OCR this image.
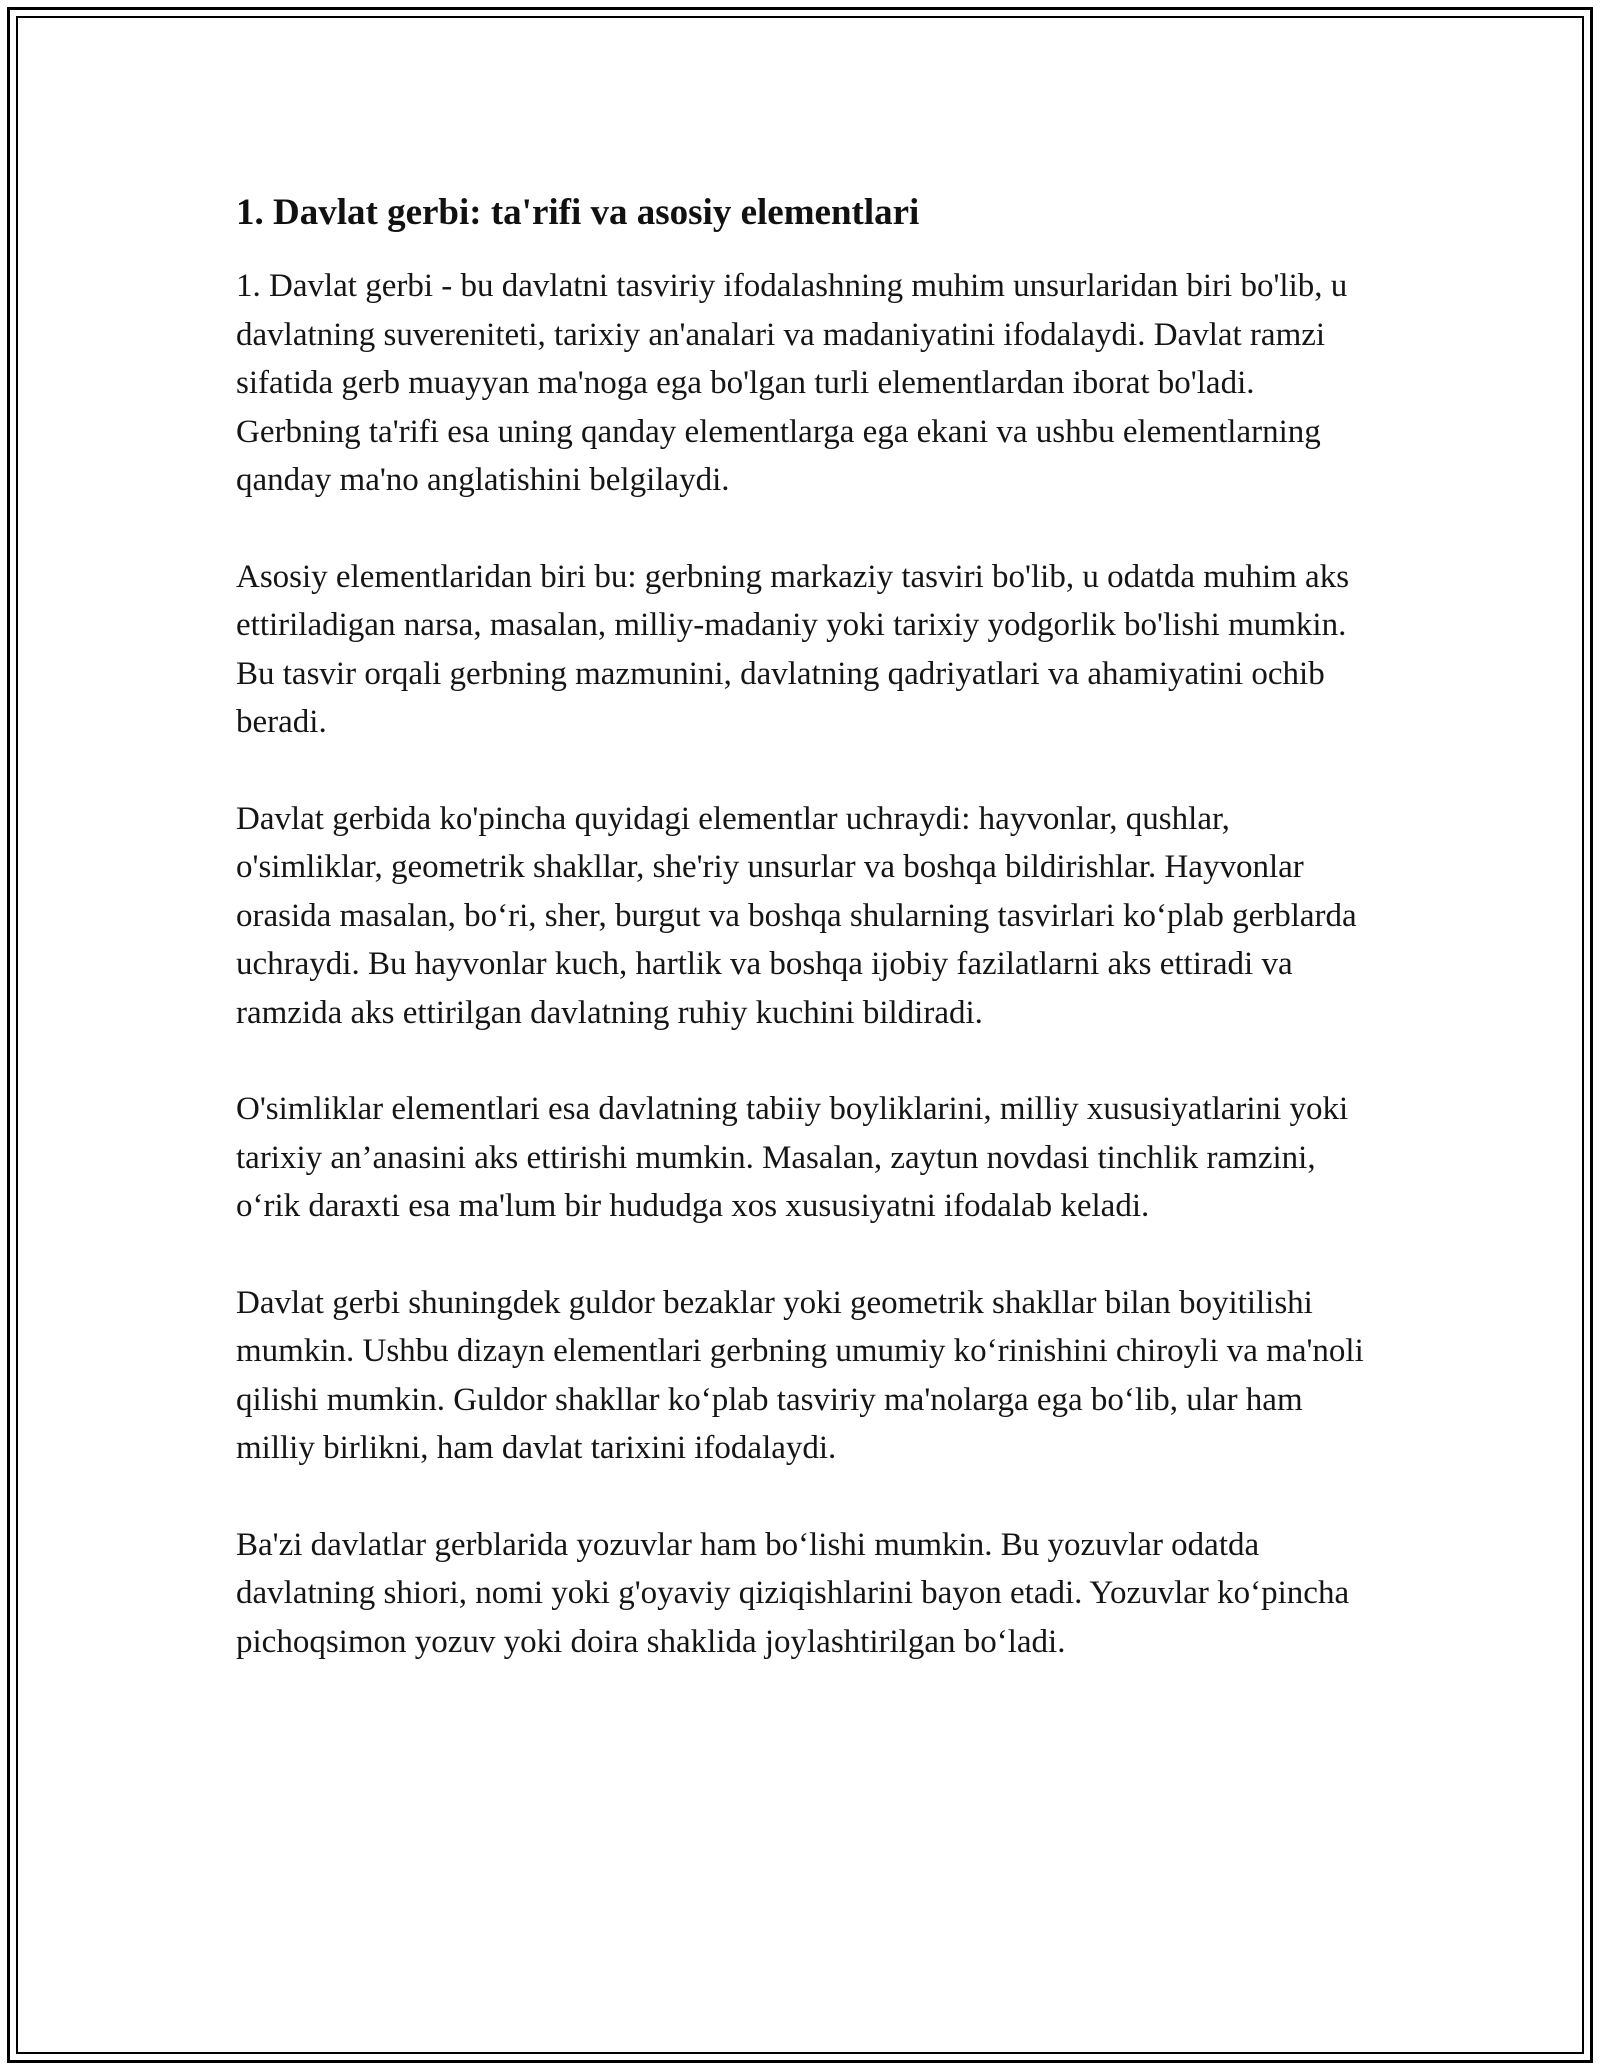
1. Davlat gerbi: ta'rifi va asosiy elementlari

1. Davlat gerbi - bu davlatni tasviriy ifodalashning muhim unsurlaridan biri bo'lib, u davlatning suvereniteti, tarixiy an'analari va madaniyatini ifodalaydi. Davlat ramzi sifatida gerb muayyan ma'noga ega bo'lgan turli elementlardan iborat bo'ladi. Gerbning ta'rifi esa uning qanday elementlarga ega ekani va ushbu elementlarning qanday ma'no anglatishini belgilaydi.

Asosiy elementlaridan biri bu: gerbning markaziy tasviri bo'lib, u odatda muhim aks ettiriladigan narsa, masalan, milliy-madaniy yoki tarixiy yodgorlik bo'lishi mumkin. Bu tasvir orqali gerbning mazmunini, davlatning qadriyatlari va ahamiyatini ochib beradi.

Davlat gerbida ko'pincha quyidagi elementlar uchraydi: hayvonlar, qushlar, o'simliklar, geometrik shakllar, she'riy unsurlar va boshqa bildirishlar. Hayvonlar orasida masalan, bo‘ri, sher, burgut va boshqa shularning tasvirlari ko‘plab gerblarda uchraydi. Bu hayvonlar kuch, hartlik va boshqa ijobiy fazilatlarni aks ettiradi va ramzida aks ettirilgan davlatning ruhiy kuchini bildiradi.

O'simliklar elementlari esa davlatning tabiiy boyliklarini, milliy xususiyatlarini yoki tarixiy an’anasini aks ettirishi mumkin. Masalan, zaytun novdasi tinchlik ramzini, o‘rik daraxti esa ma'lum bir hududga xos xususiyatni ifodalab keladi.

Davlat gerbi shuningdek guldor bezaklar yoki geometrik shakllar bilan boyitilishi mumkin. Ushbu dizayn elementlari gerbning umumiy ko‘rinishini chiroyli va ma'noli qilishi mumkin. Guldor shakllar ko‘plab tasviriy ma'nolarga ega bo‘lib, ular ham milliy birlikni, ham davlat tarixini ifodalaydi.

Ba'zi davlatlar gerblarida yozuvlar ham bo‘lishi mumkin. Bu yozuvlar odatda davlatning shiori, nomi yoki g'oyaviy qiziqishlarini bayon etadi. Yozuvlar ko‘pincha pichoqsimon yozuv yoki doira shaklida joylashtirilgan bo‘ladi.
